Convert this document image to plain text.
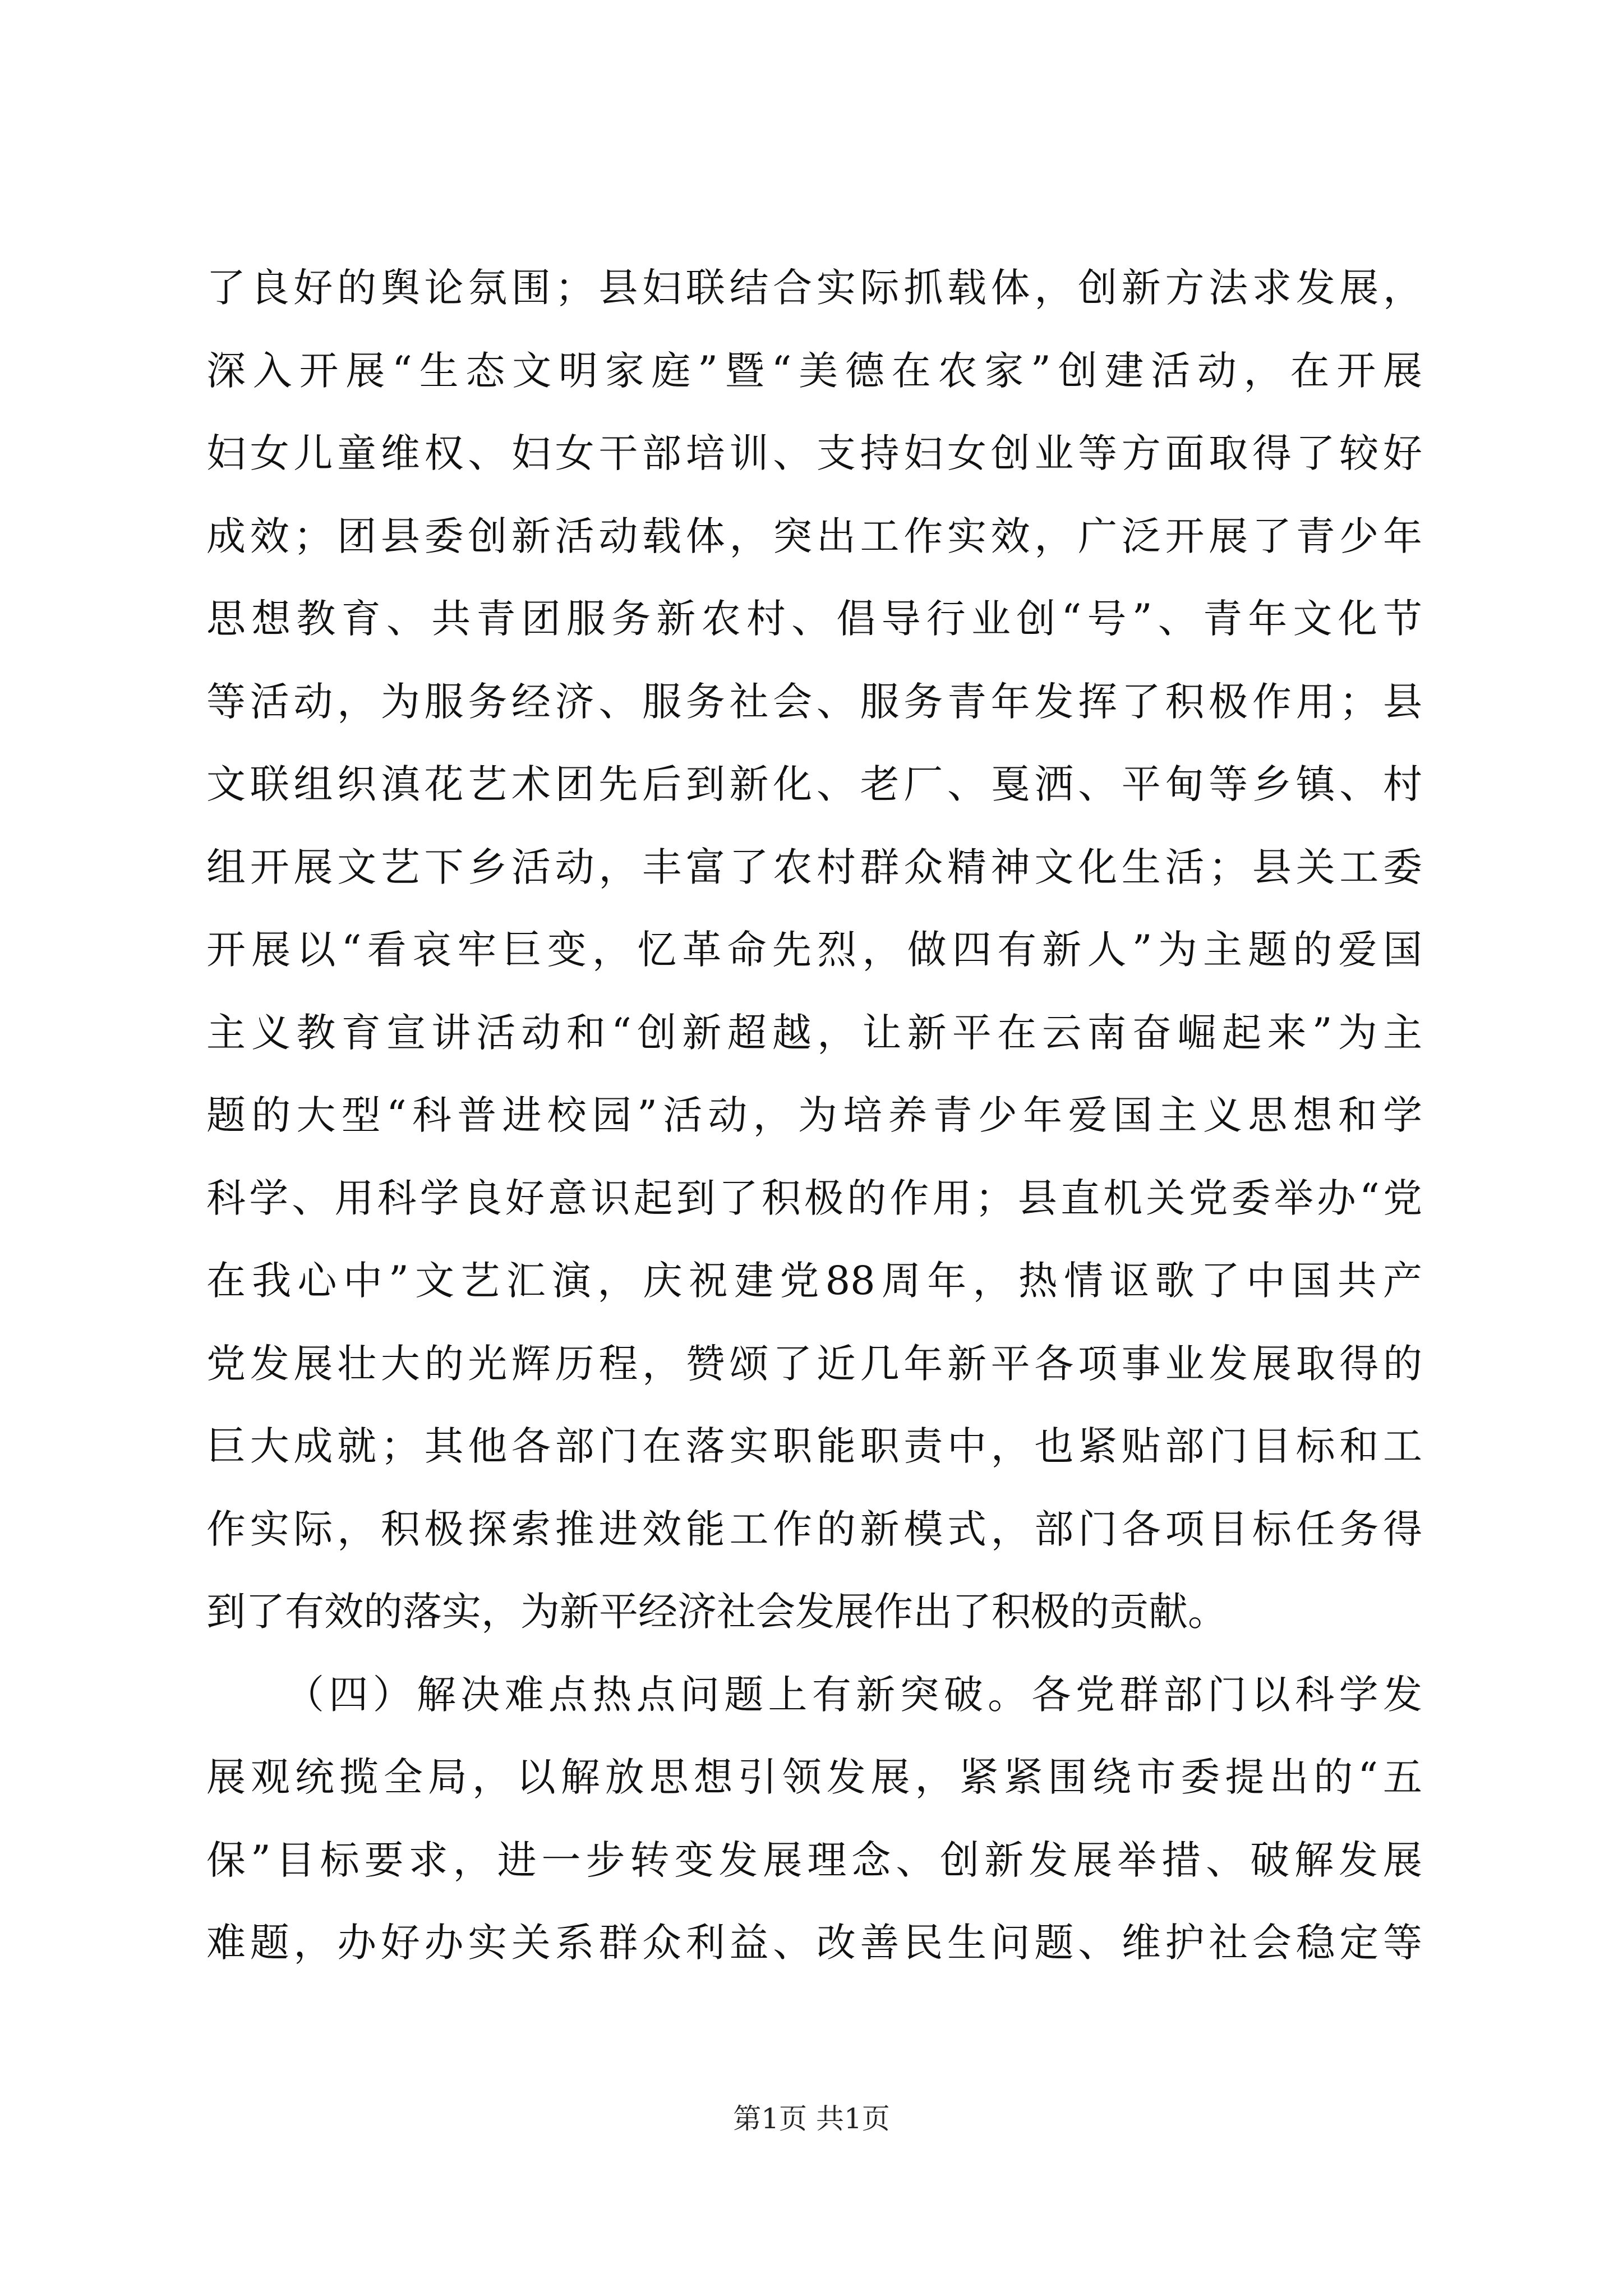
了良好的舆论氛围；县妇联结合实际抓载体，创新方法求发展，
深入开展“生态文明家庭”暨“美德在农家”创建活动，在开展
妇女儿童维权、妇女干部培训、支持妇女创业等方面取得了较好
成效；团县委创新活动载体，突出工作实效，广泛开展了青少年
思想教育、共青团服务新农村、倡导行业创“号”、青年文化节
等活动，为服务经济、服务社会、服务青年发挥了积极作用；县
文联组织滇花艺术团先后到新化、老厂、戛洒、平甸等乡镇、村
组开展文艺下乡活动，丰富了农村群众精神文化生活；县关工委
开展以“看哀牢巨变，忆革命先烈，做四有新人”为主题的爱国
主义教育宣讲活动和“创新超越，让新平在云南奋崛起来”为主
题的大型“科普进校园”活动，为培养青少年爱国主义思想和学
科学、用科学良好意识起到了积极的作用；县直机关党委举办“党
在我心中”文艺汇演，庆祝建党88周年，热情讴歌了中国共产
党发展壮大的光辉历程，赞颂了近几年新平各项事业发展取得的
巨大成就；其他各部门在落实职能职责中，也紧贴部门目标和工
作实际，积极探索推进效能工作的新模式，部门各项目标任务得
到了有效的落实，为新平经济社会发展作出了积极的贡献。
（四）解决难点热点问题上有新突破。各党群部门以科学发
展观统揽全局，以解放思想引领发展，紧紧围绕市委提出的“五
保”目标要求，进一步转变发展理念、创新发展举措、破解发展
难题，办好办实关系群众利益、改善民生问题、维护社会稳定等
第1页 共1页
